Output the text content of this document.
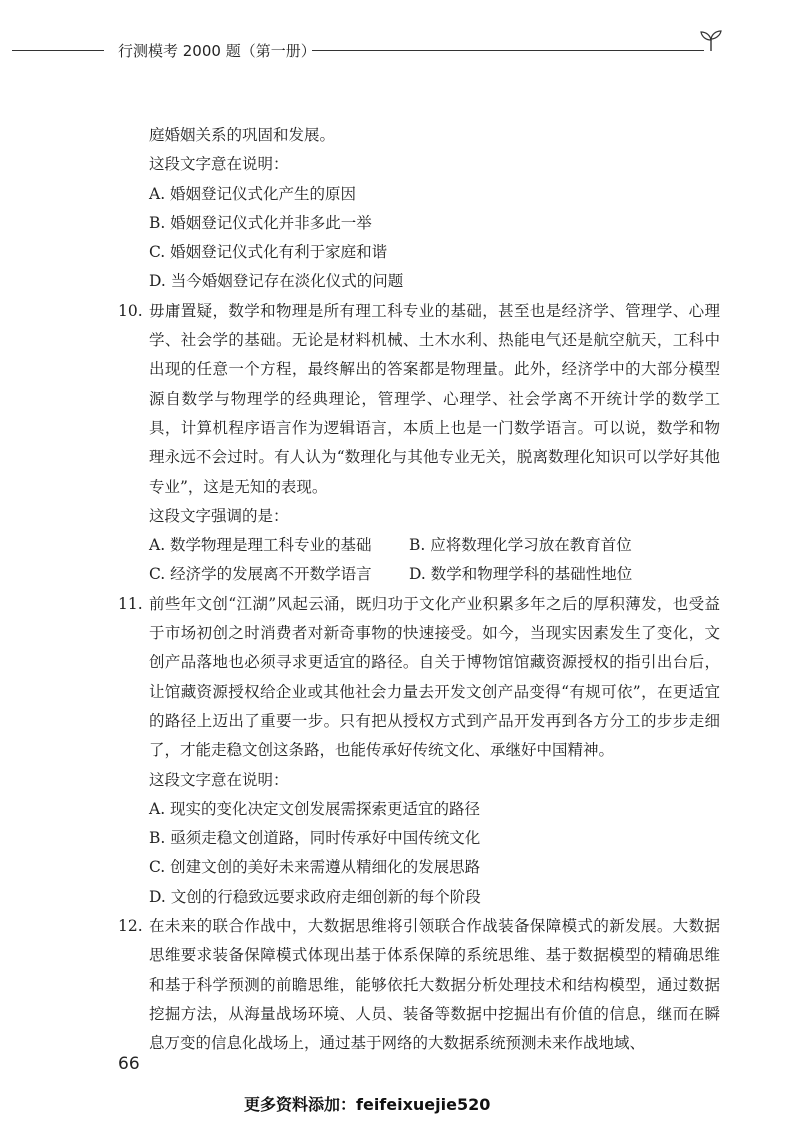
行测模考 2000 题（第一册）
庭婚姻关系的巩固和发展。
这段文字意在说明：
A. 婚姻登记仪式化产生的原因
B. 婚姻登记仪式化并非多此一举
C. 婚姻登记仪式化有利于家庭和谐
D. 当今婚姻登记存在淡化仪式的问题
10. 毋庸置疑，数学和物理是所有理工科专业的基础，甚至也是经济学、管理学、心理学、社会学的基础。无论是材料机械、土木水利、热能电气还是航空航天，工科中出现的任意一个方程，最终解出的答案都是物理量。此外，经济学中的大部分模型源自数学与物理学的经典理论，管理学、心理学、社会学离不开统计学的数学工具，计算机程序语言作为逻辑语言，本质上也是一门数学语言。可以说，数学和物理永远不会过时。有人认为“数理化与其他专业无关，脱离数理化知识可以学好其他专业”，这是无知的表现。
这段文字强调的是：
A. 数学物理是理工科专业的基础	B. 应将数理化学习放在教育首位
C. 经济学的发展离不开数学语言	D. 数学和物理学科的基础性地位
11. 前些年文创“江湖”风起云涌，既归功于文化产业积累多年之后的厚积薄发，也受益于市场初创之时消费者对新奇事物的快速接受。如今，当现实因素发生了变化，文创产品落地也必须寻求更适宜的路径。自关于博物馆馆藏资源授权的指引出台后，让馆藏资源授权给企业或其他社会力量去开发文创产品变得“有规可依”，在更适宜的路径上迈出了重要一步。只有把从授权方式到产品开发再到各方分工的步步走细了，才能走稳文创这条路，也能传承好传统文化、承继好中国精神。
这段文字意在说明：
A. 现实的变化决定文创发展需探索更适宜的路径
B. 亟须走稳文创道路，同时传承好中国传统文化
C. 创建文创的美好未来需遵从精细化的发展思路
D. 文创的行稳致远要求政府走细创新的每个阶段
12. 在未来的联合作战中，大数据思维将引领联合作战装备保障模式的新发展。大数据思维要求装备保障模式体现出基于体系保障的系统思维、基于数据模型的精确思维和基于科学预测的前瞻思维，能够依托大数据分析处理技术和结构模型，通过数据挖掘方法，从海量战场环境、人员、装备等数据中挖掘出有价值的信息，继而在瞬息万变的信息化战场上，通过基于网络的大数据系统预测未来作战地域、
66
更多资料添加：feifeixuejie520
